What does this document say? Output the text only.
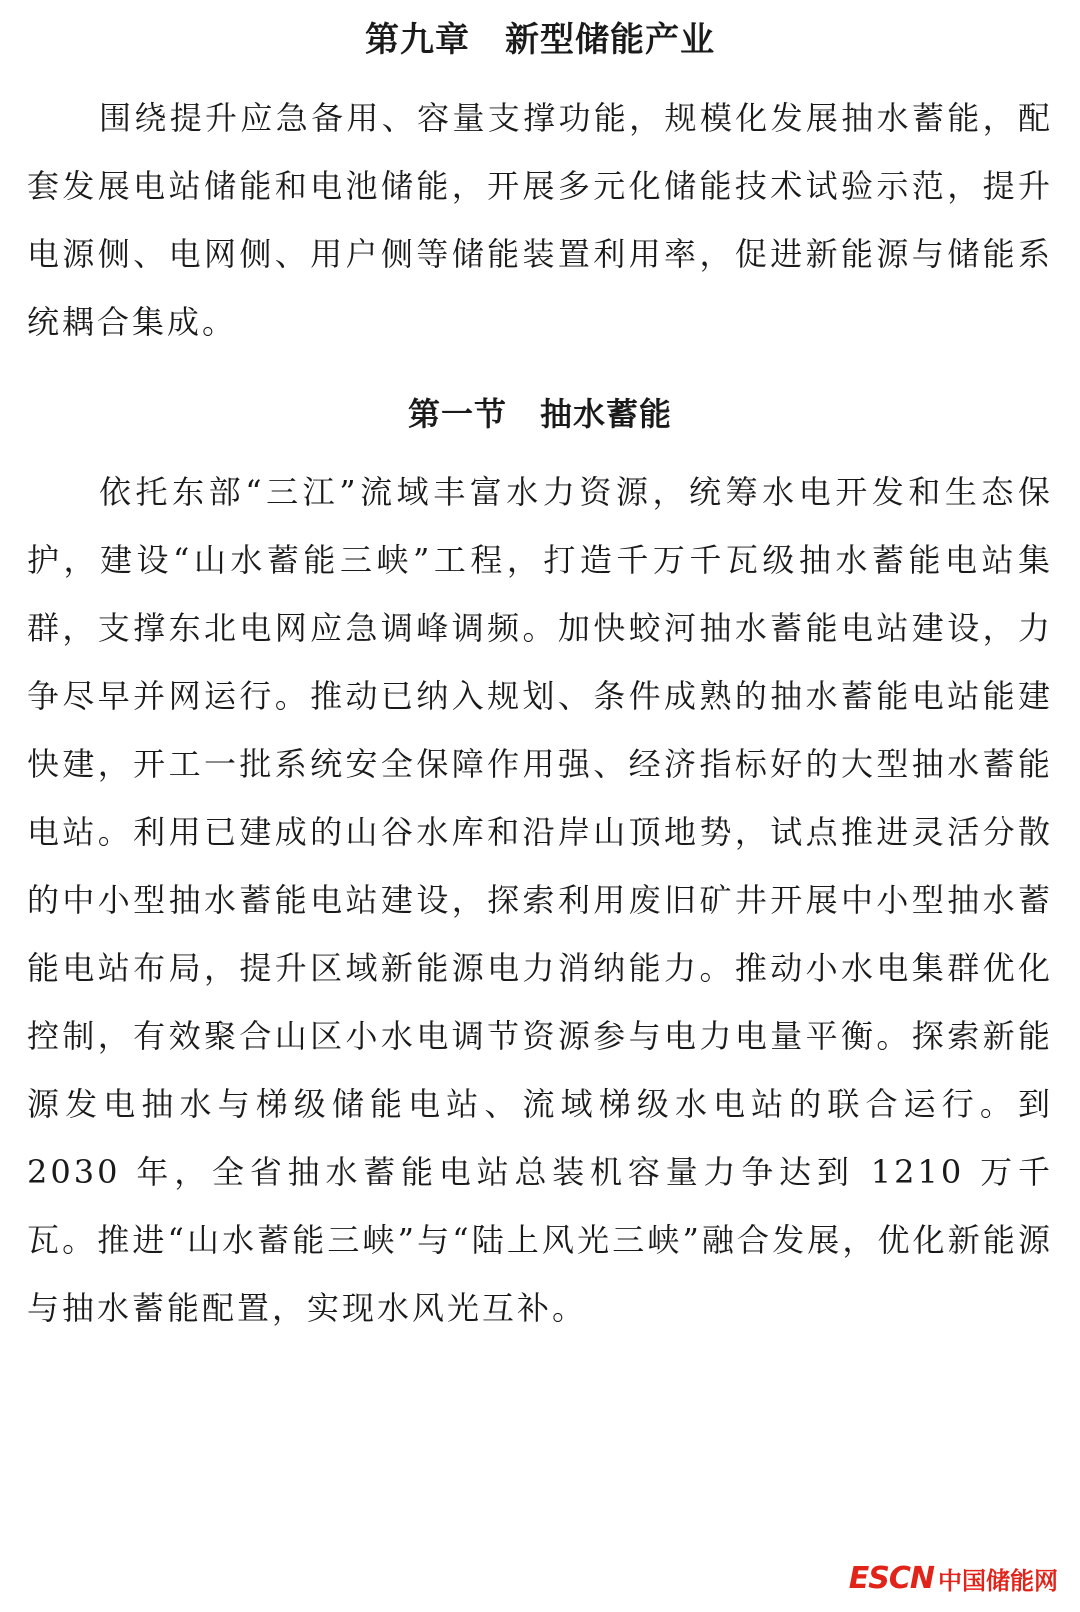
第九章　新型储能产业

围绕提升应急备用、容量支撑功能，规模化发展抽水蓄能，配套发展电站储能和电池储能，开展多元化储能技术试验示范，提升电源侧、电网侧、用户侧等储能装置利用率，促进新能源与储能系统耦合集成。

第一节　抽水蓄能

依托东部“三江”流域丰富水力资源，统筹水电开发和生态保护，建设“山水蓄能三峡”工程，打造千万千瓦级抽水蓄能电站集群，支撑东北电网应急调峰调频。加快蛟河抽水蓄能电站建设，力争尽早并网运行。推动已纳入规划、条件成熟的抽水蓄能电站能建快建，开工一批系统安全保障作用强、经济指标好的大型抽水蓄能电站。利用已建成的山谷水库和沿岸山顶地势，试点推进灵活分散的中小型抽水蓄能电站建设，探索利用废旧矿井开展中小型抽水蓄能电站布局，提升区域新能源电力消纳能力。推动小水电集群优化控制，有效聚合山区小水电调节资源参与电力电量平衡。探索新能源发电抽水与梯级储能电站、流域梯级水电站的联合运行。到 2030 年，全省抽水蓄能电站总装机容量力争达到 1210 万千瓦。推进“山水蓄能三峡”与“陆上风光三峡”融合发展，优化新能源与抽水蓄能配置，实现水风光互补。

ESCN 中国储能网
